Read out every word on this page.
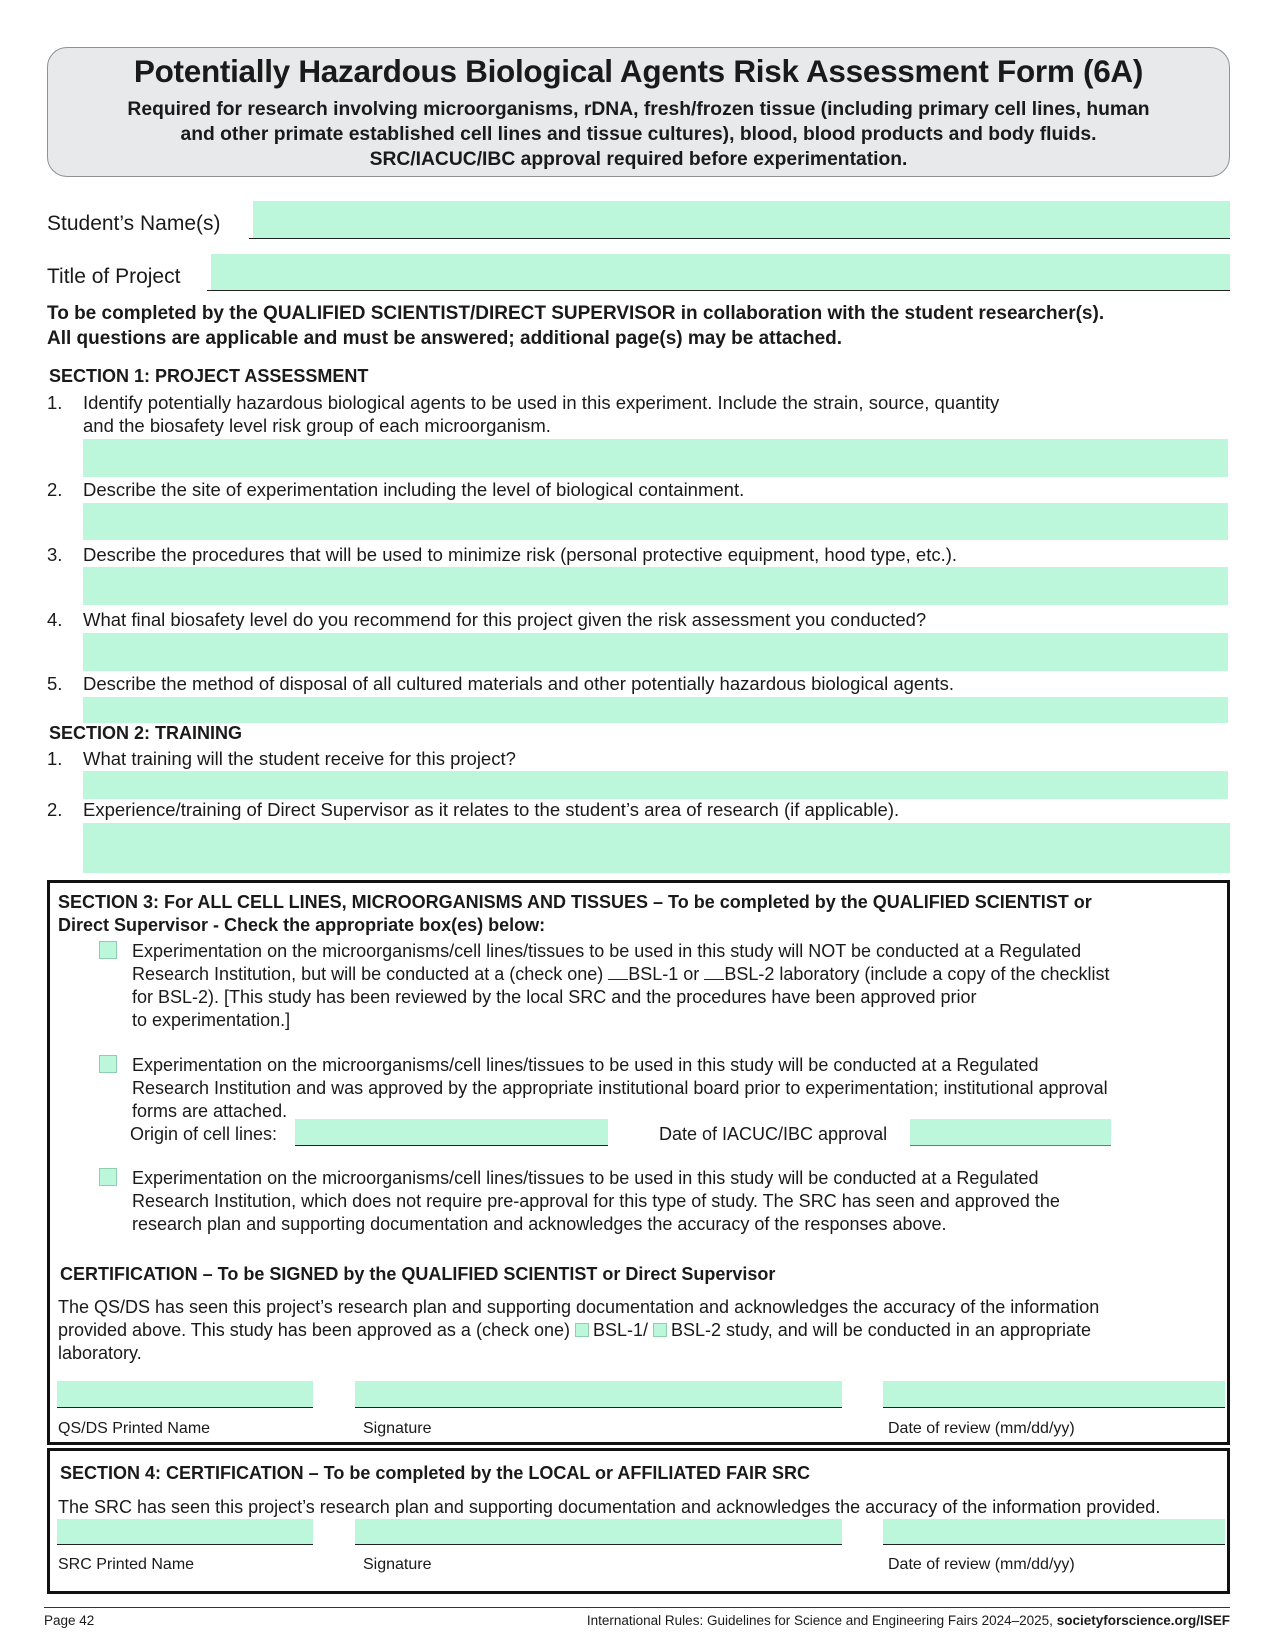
Potentially Hazardous Biological Agents Risk Assessment Form (6A)
Required for research involving microorganisms, rDNA, fresh/frozen tissue (including primary cell lines, human
and other primate established cell lines and tissue cultures), blood, blood products and body fluids.
SRC/IACUC/IBC approval required before experimentation.
Student’s Name(s)
Title of Project
To be completed by the QUALIFIED SCIENTIST/DIRECT SUPERVISOR in collaboration with the student researcher(s).
All questions are applicable and must be answered; additional page(s) may be attached.
SECTION 1: PROJECT ASSESSMENT
1. Identify potentially hazardous biological agents to be used in this experiment. Include the strain, source, quantity
and the biosafety level risk group of each microorganism.
2. Describe the site of experimentation including the level of biological containment.
3. Describe the procedures that will be used to minimize risk (personal protective equipment, hood type, etc.).
4. What final biosafety level do you recommend for this project given the risk assessment you conducted?
5. Describe the method of disposal of all cultured materials and other potentially hazardous biological agents.
SECTION 2: TRAINING
1. What training will the student receive for this project?
2. Experience/training of Direct Supervisor as it relates to the student’s area of research (if applicable).
SECTION 3: For ALL CELL LINES, MICROORGANISMS AND TISSUES – To be completed by the QUALIFIED SCIENTIST or
Direct Supervisor - Check the appropriate box(es) below:
Experimentation on the microorganisms/cell lines/tissues to be used in this study will NOT be conducted at a Regulated
Research Institution, but will be conducted at a (check one) BSL-1 or BSL-2 laboratory (include a copy of the checklist
for BSL-2). [This study has been reviewed by the local SRC and the procedures have been approved prior
to experimentation.]
Experimentation on the microorganisms/cell lines/tissues to be used in this study will be conducted at a Regulated
Research Institution and was approved by the appropriate institutional board prior to experimentation; institutional approval
forms are attached.
Origin of cell lines:	Date of IACUC/IBC approval
Experimentation on the microorganisms/cell lines/tissues to be used in this study will be conducted at a Regulated
Research Institution, which does not require pre-approval for this type of study. The SRC has seen and approved the
research plan and supporting documentation and acknowledges the accuracy of the responses above.
CERTIFICATION – To be SIGNED by the QUALIFIED SCIENTIST or Direct Supervisor
The QS/DS has seen this project’s research plan and supporting documentation and acknowledges the accuracy of the information
provided above. This study has been approved as a (check one) BSL-1/ BSL-2 study, and will be conducted in an appropriate
laboratory.
QS/DS Printed Name	Signature	Date of review (mm/dd/yy)
SECTION 4: CERTIFICATION – To be completed by the LOCAL or AFFILIATED FAIR SRC
The SRC has seen this project’s research plan and supporting documentation and acknowledges the accuracy of the information provided.
SRC Printed Name	Signature	Date of review (mm/dd/yy)
Page 42	International Rules: Guidelines for Science and Engineering Fairs 2024–2025, societyforscience.org/ISEF
